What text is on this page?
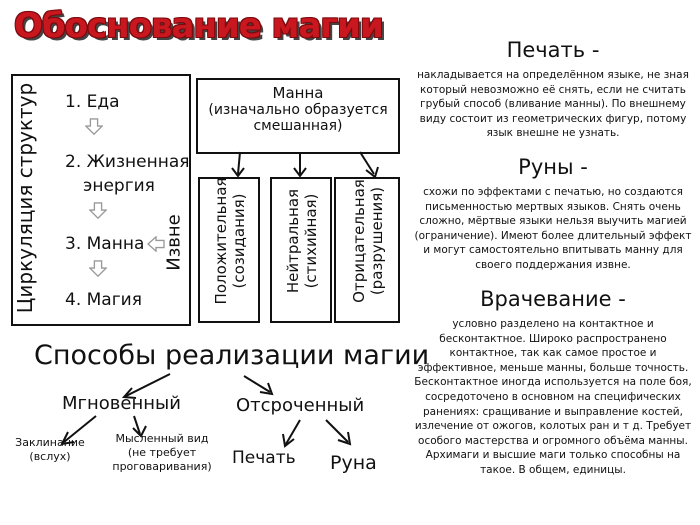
Обоснование магии
Циркуляция структур 1. Еда
2. Жизненная
энергия
3. Манна
4. Магия
Извне
Манна
(изначально образуется
смешанная)
Положительная (созидания) Нейтральная (стихийная) Отрицательная (разрушения)
Способы реализации магии
Мгновенный	Отсроченный
Заклинание
(вслух)
Мысленный вид
(не требует
проговаривания) Печать Руна
Печать -
накладывается на определённом языке, не зная который невозможно её снять, если не считать грубый способ (вливание манны). По внешнему виду состоит из геометрических фигур, потому язык внешне не узнать.
Руны -
схожи по эффектами с печатью, но создаются письменностью мертвых языков. Снять очень сложно, мёртвые языки нельзя выучить магией (ограничение). Имеют более длительный эффект и могут самостоятельно впитывать манну для своего поддержания извне.
Врачевание -
условно разделено на контактное и бесконтактное. Широко распространено контактное, так как самое простое и эффективное, меньше манны, больше точность. Бесконтактное иногда используется на поле боя, сосредоточено в основном на специфических ранениях: сращивание и выправление костей, излечение от ожогов, колотых ран и т д. Требует особого мастерства и огромного объёма манны. Архимаги и высшие маги только способны на такое. В общем, единицы.
